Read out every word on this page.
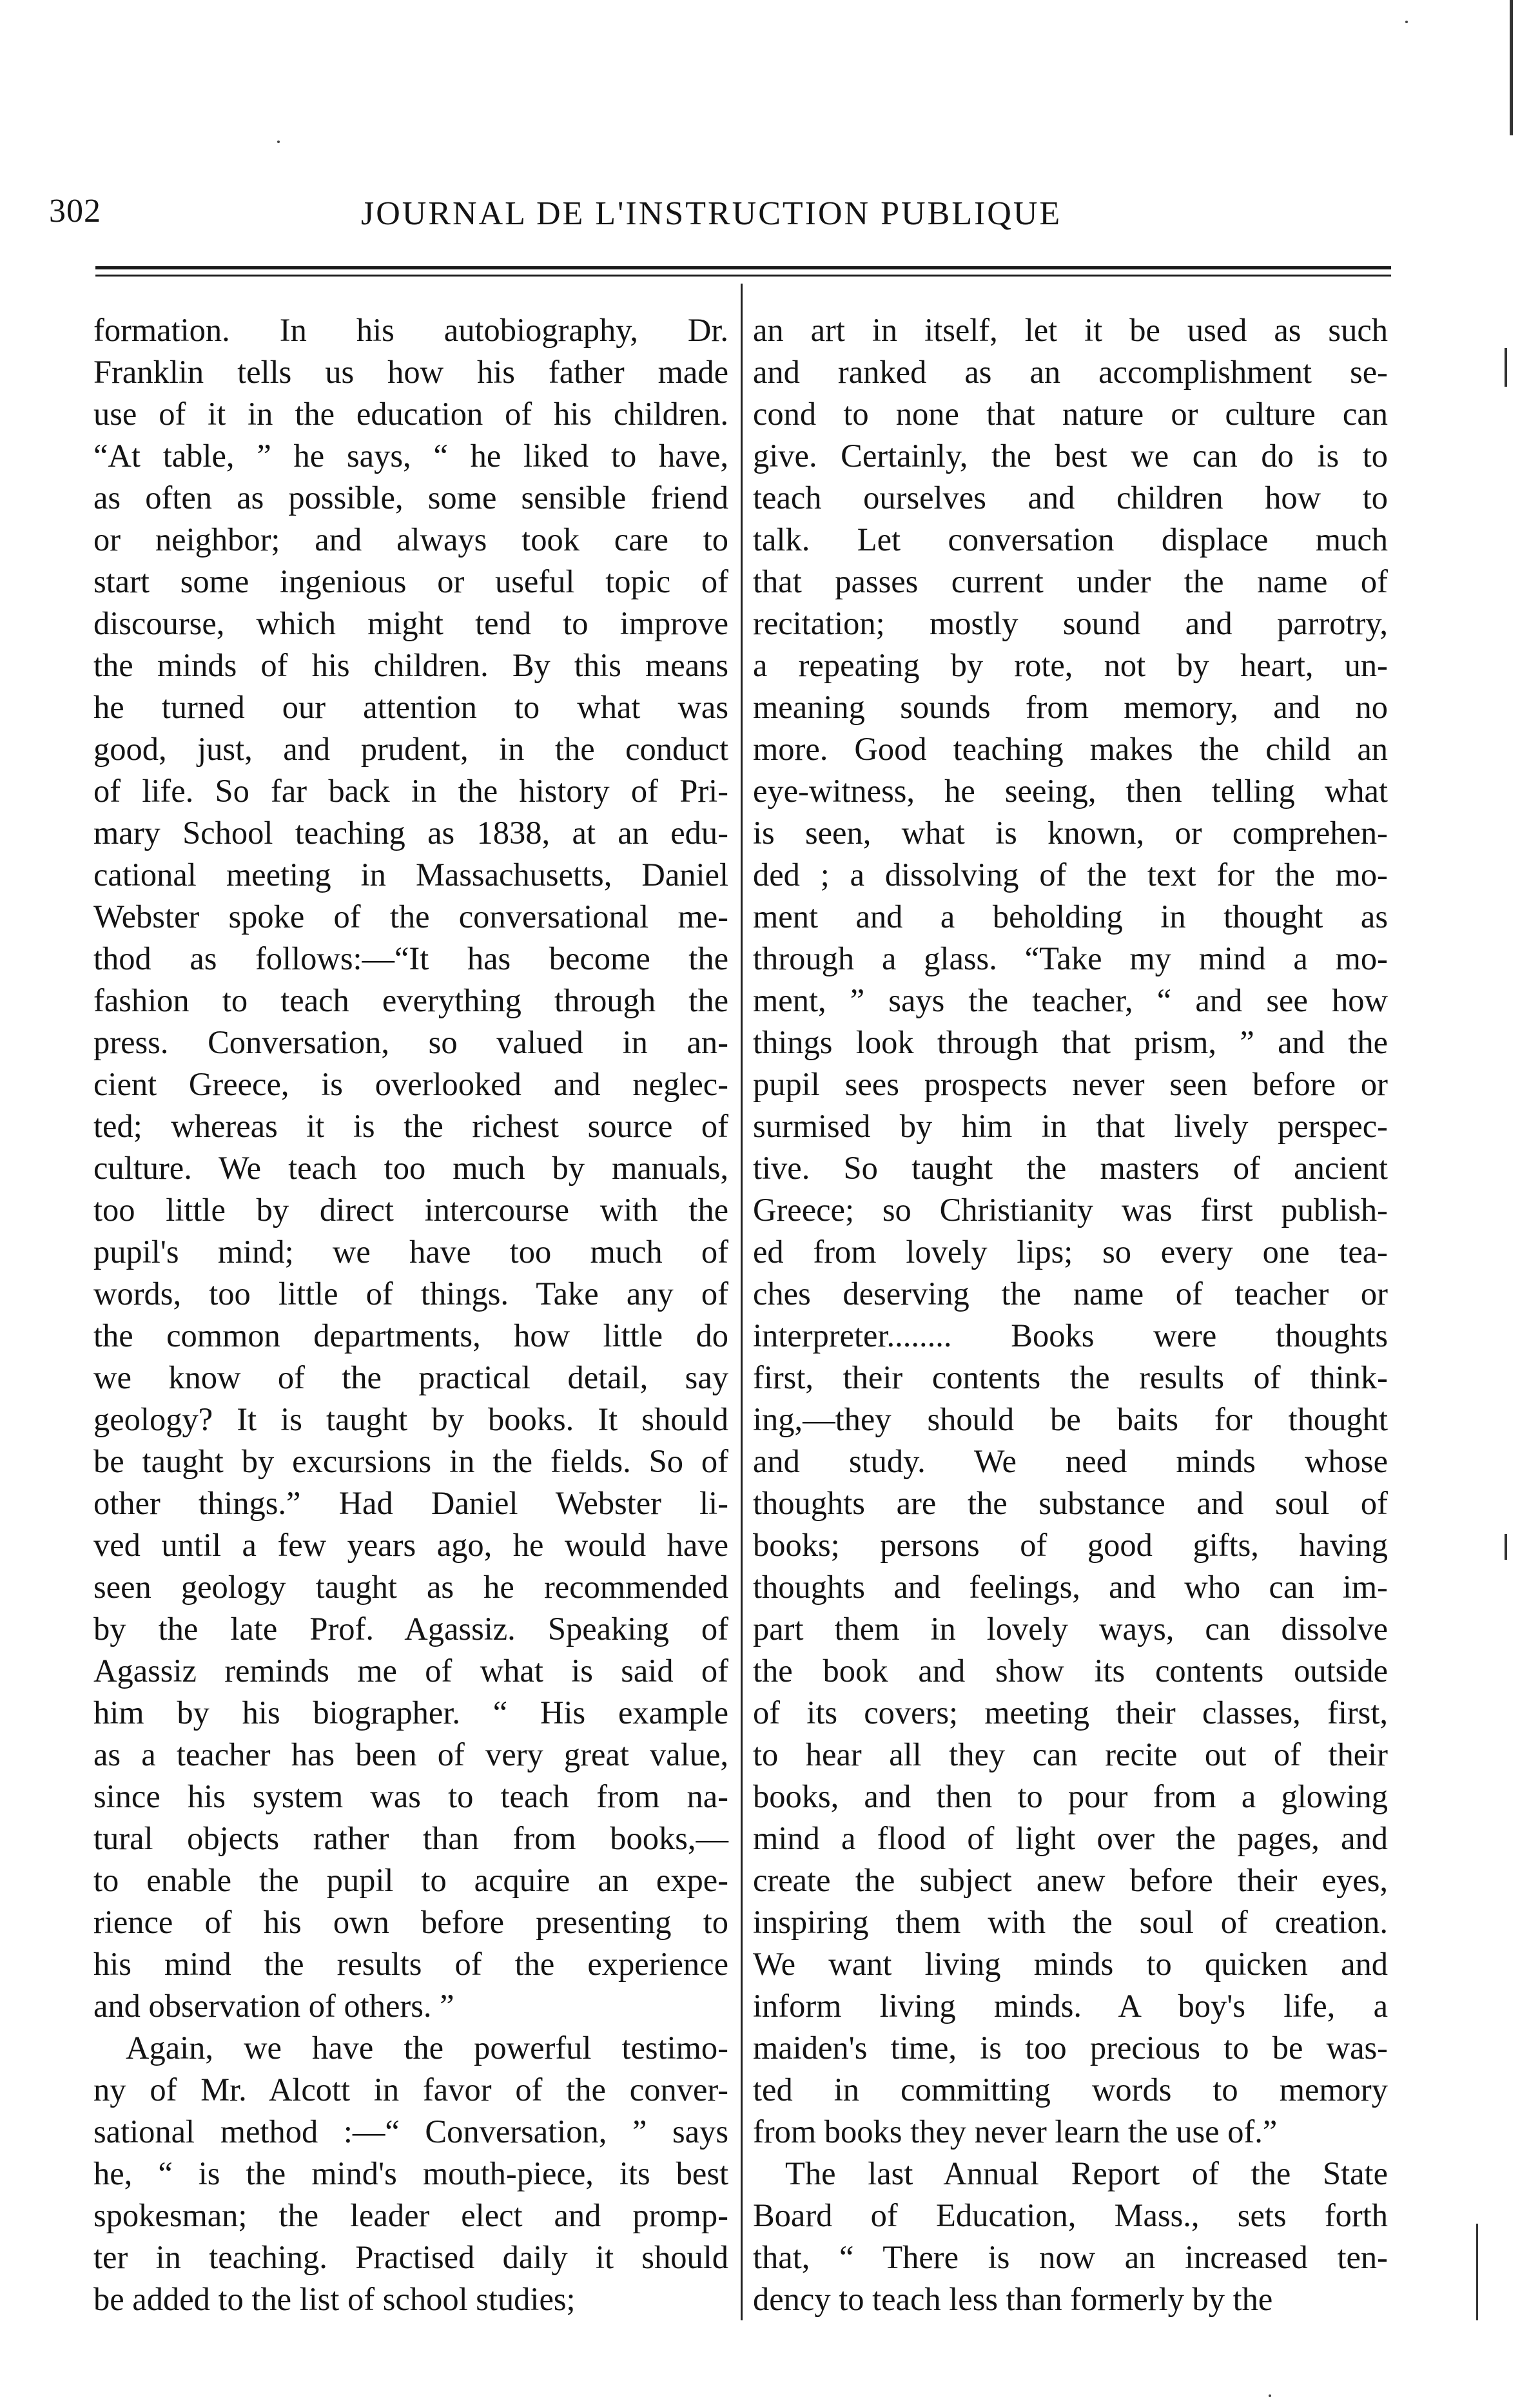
302	JOURNAL DE L'INSTRUCTION PUBLIQUE
formation. In his autobiography, Dr.
Franklin tells us how his father made
use of it in the education of his children.
“At table, ” he says, “ he liked to have,
as often as possible, some sensible friend
or neighbor; and always took care to
start some ingenious or useful topic of
discourse, which might tend to improve
the minds of his children. By this means
he turned our attention to what was
good, just, and prudent, in the conduct
of life. So far back in the history of Pri-
mary School teaching as 1838, at an edu-
cational meeting in Massachusetts, Daniel
Webster spoke of the conversational me-
thod as follows:—“It has become the
fashion to teach everything through the
press. Conversation, so valued in an-
cient Greece, is overlooked and neglec-
ted; whereas it is the richest source of
culture. We teach too much by manuals,
too little by direct intercourse with the
pupil's mind; we have too much of
words, too little of things. Take any of
the common departments, how little do
we know of the practical detail, say
geology? It is taught by books. It should
be taught by excursions in the fields. So of
other things.” Had Daniel Webster li-
ved until a few years ago, he would have
seen geology taught as he recommended
by the late Prof. Agassiz. Speaking of
Agassiz reminds me of what is said of
him by his biographer. “ His example
as a teacher has been of very great value,
since his system was to teach from na-
tural objects rather than from books,—
to enable the pupil to acquire an expe-
rience of his own before presenting to
his mind the results of the experience
and observation of others. ”
Again, we have the powerful testimo-
ny of Mr. Alcott in favor of the conver-
sational method :—“ Conversation, ” says
he, “ is the mind's mouth-piece, its best
spokesman; the leader elect and promp-
ter in teaching. Practised daily it should
be added to the list of school studies;
an art in itself, let it be used as such
and ranked as an accomplishment se-
cond to none that nature or culture can
give. Certainly, the best we can do is to
teach ourselves and children how to
talk. Let conversation displace much
that passes current under the name of
recitation; mostly sound and parrotry,
a repeating by rote, not by heart, un-
meaning sounds from memory, and no
more. Good teaching makes the child an
eye-witness, he seeing, then telling what
is seen, what is known, or comprehen-
ded ; a dissolving of the text for the mo-
ment and a beholding in thought as
through a glass. “Take my mind a mo-
ment, ” says the teacher, “ and see how
things look through that prism, ” and the
pupil sees prospects never seen before or
surmised by him in that lively perspec-
tive. So taught the masters of ancient
Greece; so Christianity was first publish-
ed from lovely lips; so every one tea-
ches deserving the name of teacher or
interpreter........ Books were thoughts
first, their contents the results of think-
ing,—they should be baits for thought
and study. We need minds whose
thoughts are the substance and soul of
books; persons of good gifts, having
thoughts and feelings, and who can im-
part them in lovely ways, can dissolve
the book and show its contents outside
of its covers; meeting their classes, first,
to hear all they can recite out of their
books, and then to pour from a glowing
mind a flood of light over the pages, and
create the subject anew before their eyes,
inspiring them with the soul of creation.
We want living minds to quicken and
inform living minds. A boy's life, a
maiden's time, is too precious to be was-
ted in committing words to memory
from books they never learn the use of.”
The last Annual Report of the State
Board of Education, Mass., sets forth
that, “ There is now an increased ten-
dency to teach less than formerly by the
